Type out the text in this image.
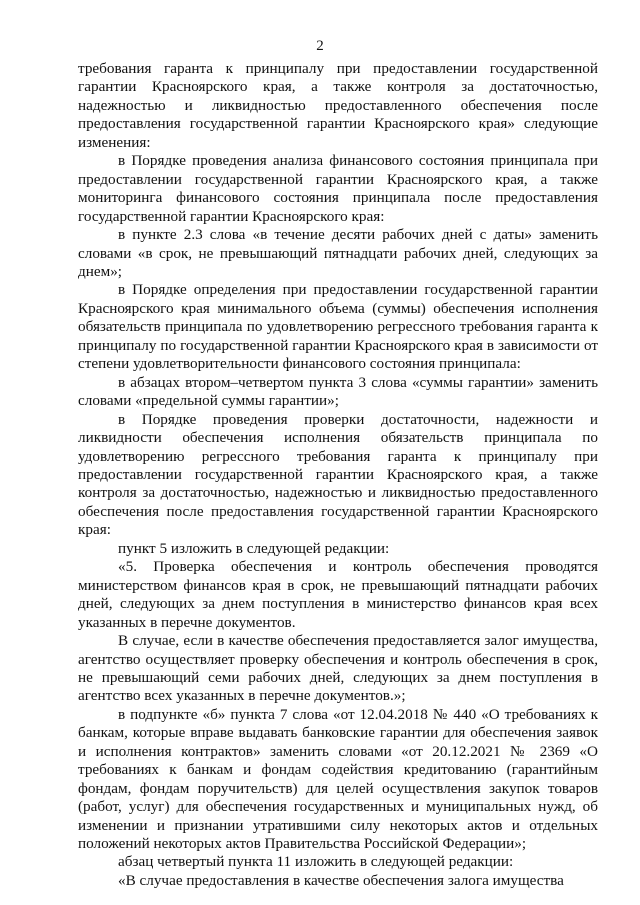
2

требования гаранта к принципалу при предоставлении государственной гарантии Красноярского края, а также контроля за достаточностью, надежностью и ликвидностью предоставленного обеспечения после предоставления государственной гарантии Красноярского края» следующие изменения:

в Порядке проведения анализа финансового состояния принципала при предоставлении государственной гарантии Красноярского края, а также мониторинга финансового состояния принципала после предоставления государственной гарантии Красноярского края:

в пункте 2.3 слова «в течение десяти рабочих дней с даты» заменить словами «в срок, не превышающий пятнадцати рабочих дней, следующих за днем»;

в Порядке определения при предоставлении государственной гарантии Красноярского края минимального объема (суммы) обеспечения исполнения обязательств принципала по удовлетворению регрессного требования гаранта к принципалу по государственной гарантии Красноярского края в зависимости от степени удовлетворительности финансового состояния принципала:

в абзацах втором–четвертом пункта 3 слова «суммы гарантии» заменить словами «предельной суммы гарантии»;

в Порядке проведения проверки достаточности, надежности и ликвидности обеспечения исполнения обязательств принципала по удовлетворению регрессного требования гаранта к принципалу при предоставлении государственной гарантии Красноярского края, а также контроля за достаточностью, надежностью и ликвидностью предоставленного обеспечения после предоставления государственной гарантии Красноярского края:

пункт 5 изложить в следующей редакции:

«5. Проверка обеспечения и контроль обеспечения проводятся министерством финансов края в срок, не превышающий пятнадцати рабочих дней, следующих за днем поступления в министерство финансов края всех указанных в перечне документов.

В случае, если в качестве обеспечения предоставляется залог имущества, агентство осуществляет проверку обеспечения и контроль обеспечения в срок, не превышающий семи рабочих дней, следующих за днем поступления в агентство всех указанных в перечне документов.»;

в подпункте «б» пункта 7 слова «от 12.04.2018 № 440 «О требованиях к банкам, которые вправе выдавать банковские гарантии для обеспечения заявок и исполнения контрактов» заменить словами «от 20.12.2021 № 2369 «О требованиях к банкам и фондам содействия кредитованию (гарантийным фондам, фондам поручительств) для целей осуществления закупок товаров (работ, услуг) для обеспечения государственных и муниципальных нужд, об изменении и признании утратившими силу некоторых актов и отдельных положений некоторых актов Правительства Российской Федерации»;

абзац четвертый пункта 11 изложить в следующей редакции:

«В случае предоставления в качестве обеспечения залога имущества
